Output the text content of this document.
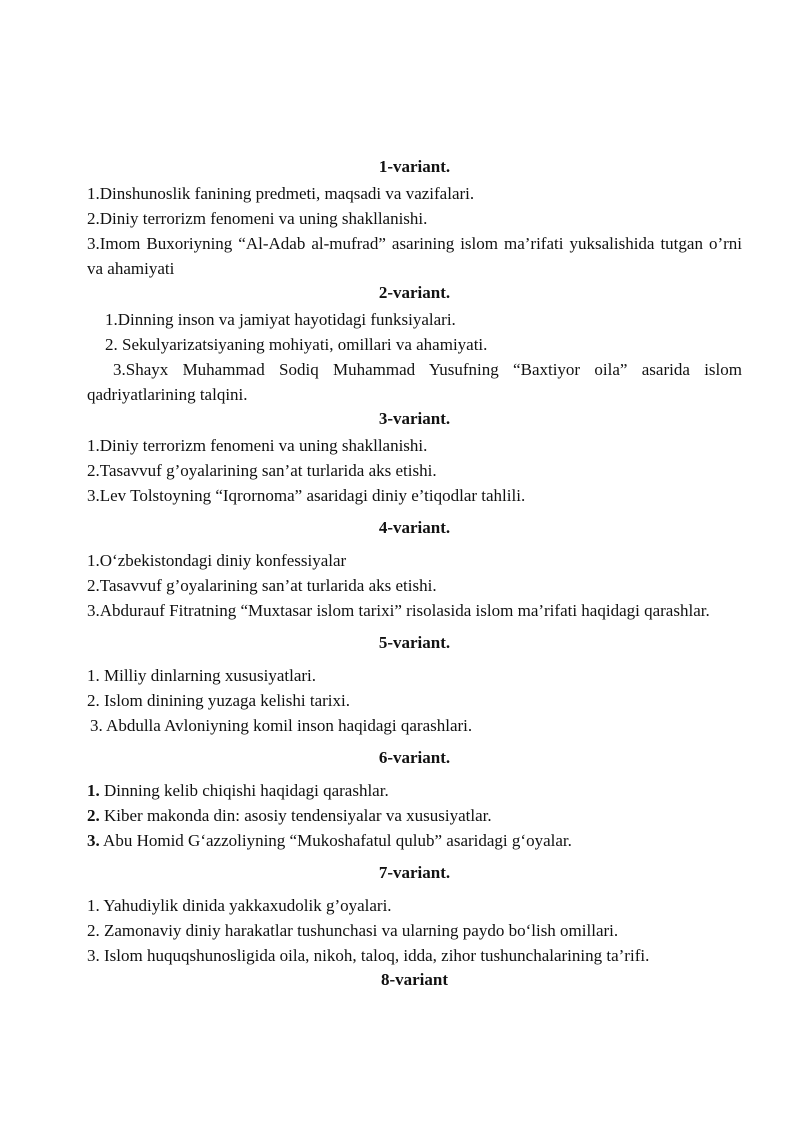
1-variant.

1.Dinshunoslik fanining predmeti, maqsadi va vazifalari.

2.Diniy terrorizm fenomeni va uning shakllanishi.

3.Imom Buxoriyning “Al-Adab al-mufrad” asarining islom ma’rifati yuksalishida tutgan o’rni va ahamiyati

2-variant.

1.Dinning inson va jamiyat hayotidagi funksiyalari.

2. Sekulyarizatsiyaning mohiyati, omillari va ahamiyati.

3.Shayx Muhammad Sodiq Muhammad Yusufning “Baxtiyor oila” asarida islom qadriyatlarining talqini.

3-variant.

1.Diniy terrorizm fenomeni va uning shakllanishi.

2.Tasavvuf g’oyalarining san’at turlarida aks etishi.

3.Lev Tolstoyning “Iqrornoma” asaridagi diniy e’tiqodlar tahlili.

4-variant.

1.O‘zbekistondagi diniy konfessiyalar

2.Tasavvuf g’oyalarining san’at turlarida aks etishi.

3.Abdurauf Fitratning “Muxtasar islom tarixi” risolasida islom ma’rifati haqidagi qarashlar.

5-variant.

1. Milliy dinlarning xususiyatlari.

2. Islom dinining yuzaga kelishi tarixi.

3. Abdulla Avloniyning komil inson haqidagi qarashlari.

6-variant.

1. Dinning kelib chiqishi haqidagi qarashlar.

2. Kiber makonda din: asosiy tendensiyalar va xususiyatlar.

3. Abu Homid G‘azzoliyning “Mukoshafatul qulub” asaridagi g‘oyalar.

7-variant.

1. Yahudiylik dinida yakkaxudolik g’oyalari.

2. Zamonaviy diniy harakatlar tushunchasi va ularning paydo bo‘lish omillari.

3. Islom huquqshunosligida oila, nikoh, taloq, idda, zihor tushunchalarining ta’rifi.

8-variant
